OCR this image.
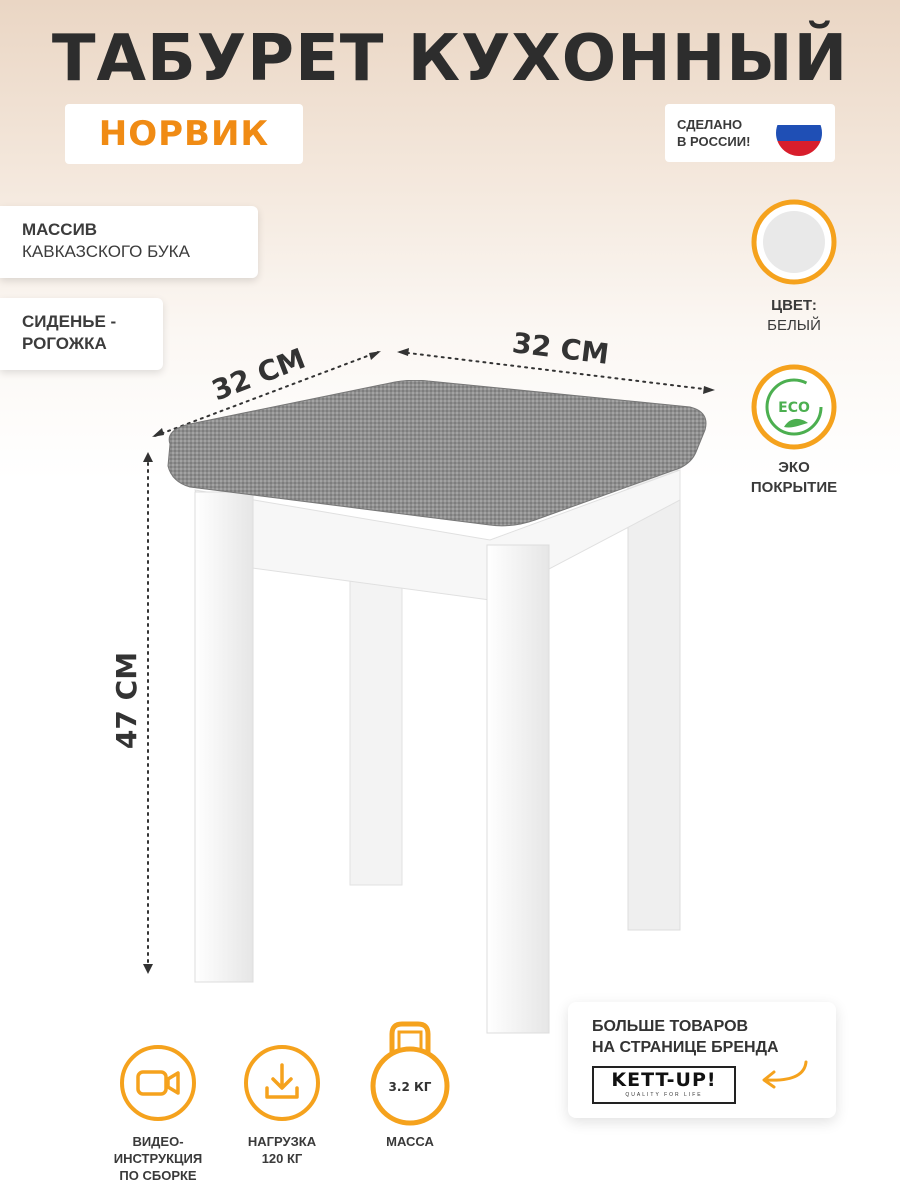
ТАБУРЕТ КУХОННЫЙ
НОРВИК	СДЕЛАНО
В РОССИИ!
МАССИВ
КАВКАЗСКОГО БУКА
СИДЕНЬЕ -
РОГОЖКА
ЦВЕТ:
БЕЛЫЙ
ECO
ЭКО
ПОКРЫТИЕ
32 СМ	32 СМ
47 СМ
ВИДЕО-
ИНСТРУКЦИЯ
ПО СБОРКЕ
НАГРУЗКА
120 КГ
3.2 КГ
МАССА
БОЛЬШЕ ТОВАРОВ
НА СТРАНИЦЕ БРЕНДА
KETT-UP!
QUALITY FOR LIFE
